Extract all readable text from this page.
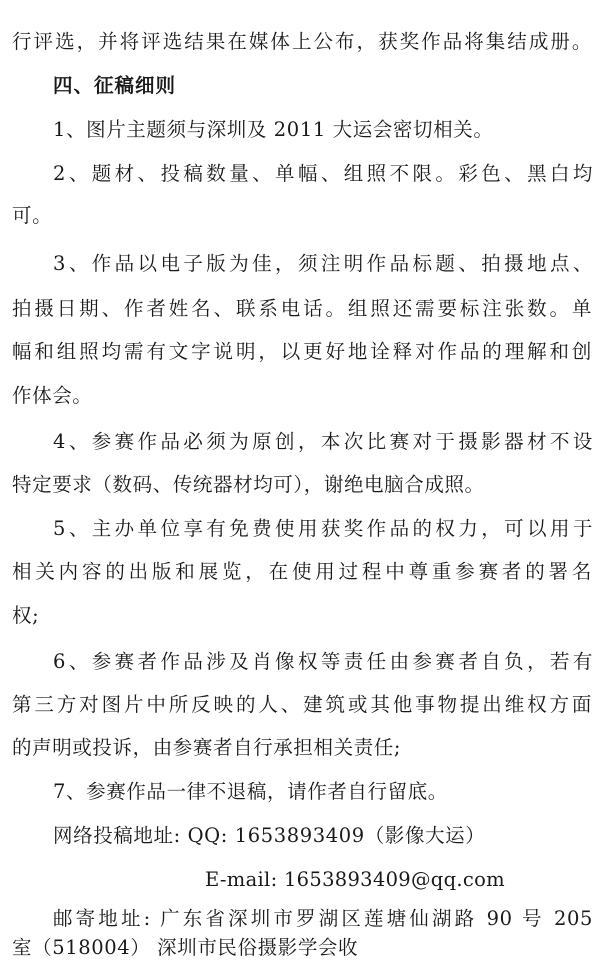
行评选，并将评选结果在媒体上公布，获奖作品将集结成册。
四、征稿细则
1、图片主题须与深圳及 2011 大运会密切相关。
2、题材、投稿数量、单幅、组照不限。彩色、黑白均
可。
3、作品以电子版为佳，须注明作品标题、拍摄地点、
拍摄日期、作者姓名、联系电话。组照还需要标注张数。单
幅和组照均需有文字说明，以更好地诠释对作品的理解和创
作体会。
4、参赛作品必须为原创，本次比赛对于摄影器材不设
特定要求（数码、传统器材均可），谢绝电脑合成照。
5、主办单位享有免费使用获奖作品的权力，可以用于
相关内容的出版和展览，在使用过程中尊重参赛者的署名
权;
6、参赛者作品涉及肖像权等责任由参赛者自负，若有
第三方对图片中所反映的人、建筑或其他事物提出维权方面
的声明或投诉，由参赛者自行承担相关责任;
7、参赛作品一律不退稿，请作者自行留底。
网络投稿地址: QQ: 1653893409（影像大运）
E-mail: 1653893409@qq.com
邮寄地址: 广东省深圳市罗湖区莲塘仙湖路 90 号 205
室（518004） 深圳市民俗摄影学会收
